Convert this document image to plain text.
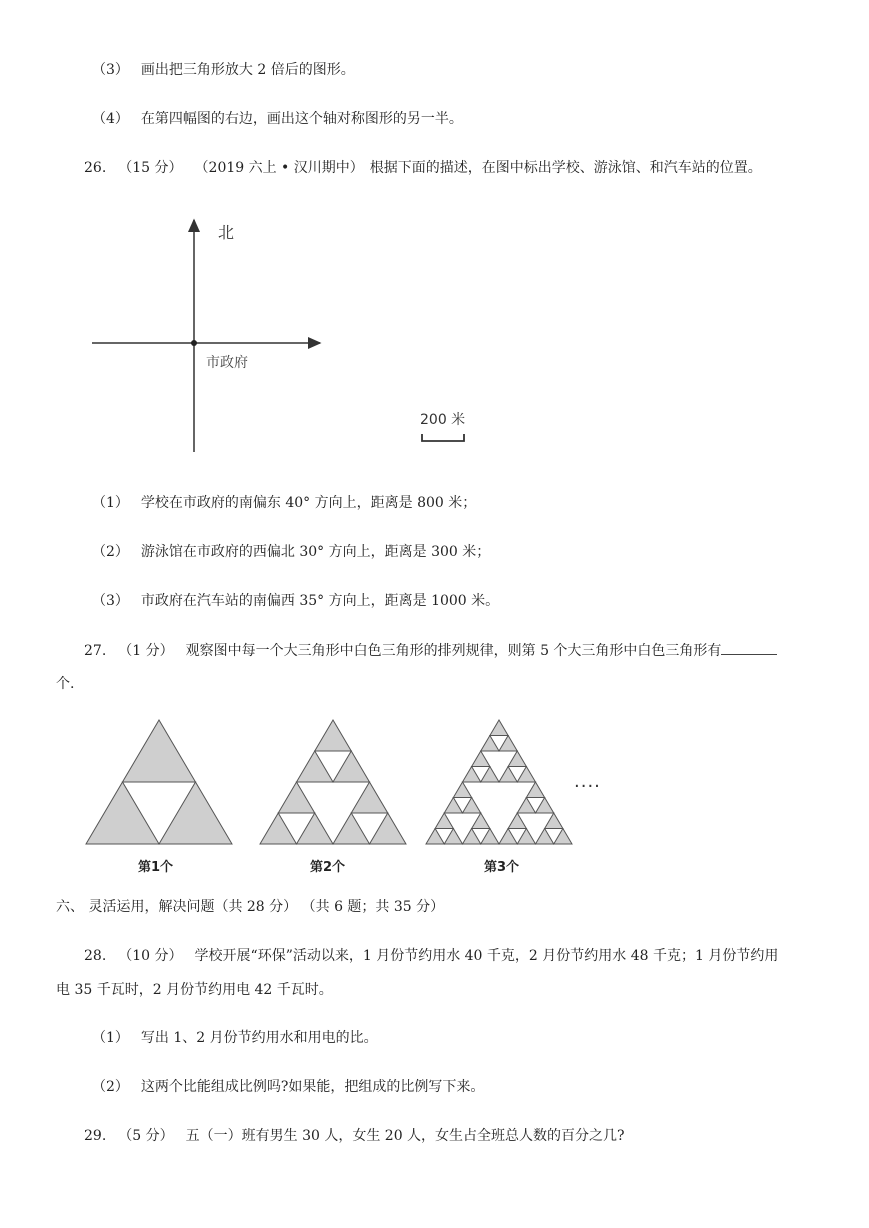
（3） 画出把三角形放大 2 倍后的图形。
（4） 在第四幅图的右边，画出这个轴对称图形的另一半。
26. （15 分） （2019 六上 • 汉川期中） 根据下面的描述，在图中标出学校、游泳馆、和汽车站的位置。
北
市政府
200 米
（1） 学校在市政府的南偏东 40° 方向上，距离是 800 米；
（2） 游泳馆在市政府的西偏北 30° 方向上，距离是 300 米；
（3） 市政府在汽车站的南偏西 35° 方向上，距离是 1000 米。
27. （1 分） 观察图中每一个大三角形中白色三角形的排列规律，则第 5 个大三角形中白色三角形有
个.
····
第1个	第2个	第3个
六、 灵活运用，解决问题（共 28 分） （共 6 题；共 35 分）
28. （10 分） 学校开展“环保”活动以来，1 月份节约用水 40 千克，2 月份节约用水 48 千克；1 月份节约用
电 35 千瓦时，2 月份节约用电 42 千瓦时。
（1） 写出 1、2 月份节约用水和用电的比。
（2） 这两个比能组成比例吗?如果能，把组成的比例写下来。
29. （5 分） 五（一）班有男生 30 人，女生 20 人，女生占全班总人数的百分之几?
